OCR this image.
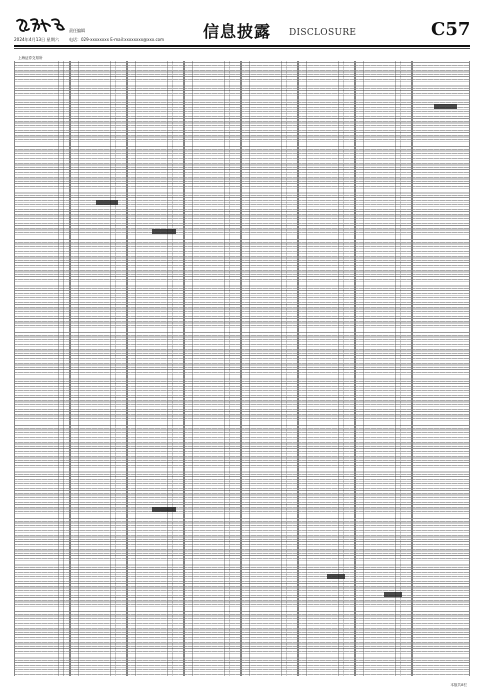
责任编辑
2024年4月13日 星期六 电话：029-xxxxxxxx E-mail:xxxxxxxx@xxx.com 信息披露 DISCLOSURE	C57
上海证券交易所
本版共8栏
